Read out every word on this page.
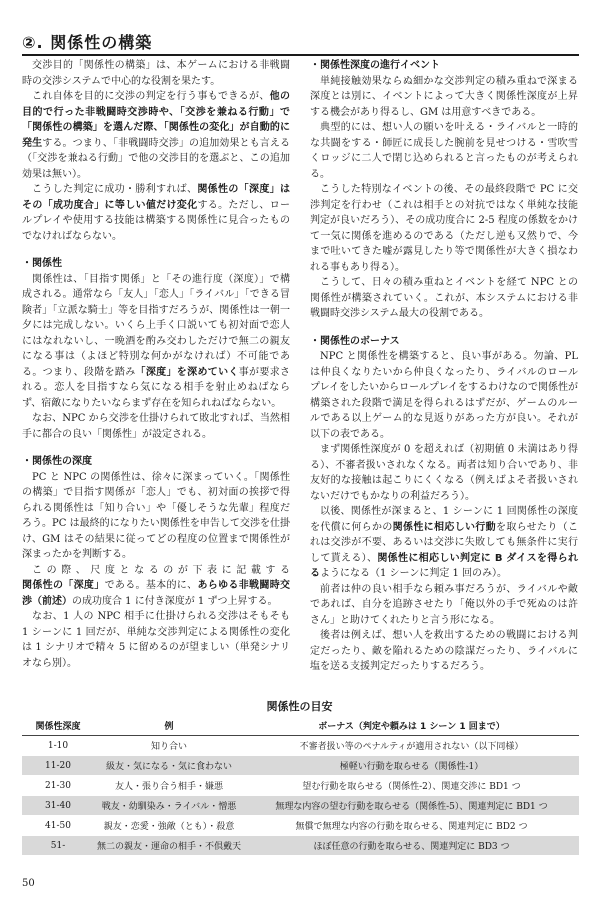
②. 関係性の構築

交渉目的「関係性の構築」は、本ゲームにおける非戦闘時の交渉システムで中心的な役割を果たす。

これ自体を目的に交渉の判定を行う事もできるが、他の目的で行った非戦闘時交渉時や、「交渉を兼ねる行動」で「関係性の構築」を選んだ際、「関係性の変化」が自動的に発生する。つまり、「非戦闘時交渉」の追加効果とも言える（「交渉を兼ねる行動」で他の交渉目的を選ぶと、この追加効果は無い）。

こうした判定に成功・勝利すれば、関係性の「深度」はその「成功度合」に等しい値だけ変化する。ただし、ロールプレイや使用する技能は構築する関係性に見合ったものでなければならない。

・関係性

関係性は、「目指す関係」と「その進行度（深度）」で構成される。通常なら「友人」「恋人」「ライバル」「できる冒険者」「立派な騎士」等を目指すだろうが、関係性は一朝一夕には完成しない。いくら上手く口説いても初対面で恋人にはなれないし、一晩酒を酌み交わしただけで無二の親友になる事は（よほど特別な何かがなければ）不可能である。つまり、段階を踏み「深度」を深めていく事が要求される。恋人を目指すなら気になる相手を射止めねばならず、宿敵になりたいならまず存在を知られねばならない。

なお、NPC から交渉を仕掛けられて敗北すれば、当然相手に都合の良い「関係性」が設定される。

・関係性の深度

PC と NPC の関係性は、徐々に深まっていく。「関係性の構築」で目指す関係が「恋人」でも、初対面の挨拶で得られる関係性は「知り合い」や「優しそうな先輩」程度だろう。PC は最終的になりたい関係性を申告して交渉を仕掛け、GM はその結果に従ってどの程度の位置まで関係性が深まったかを判断する。

この際、尺度となるのが下表に記載する関係性の「深度」である。基本的に、あらゆる非戦闘時交渉（前述）の成功度合 1 に付き深度が 1 ずつ上昇する。

なお、1 人の NPC 相手に仕掛けられる交渉はそもそも 1 シーンに 1 回だが、単純な交渉判定による関係性の変化は 1 シナリオで精々 5 に留めるのが望ましい（単発シナリオなら別）。

・関係性深度の進行イベント

単純接触効果ならぬ細かな交渉判定の積み重ねで深まる深度とは別に、イベントによって大きく関係性深度が上昇する機会があり得るし、GM は用意すべきである。

典型的には、想い人の願いを叶える・ライバルと一時的な共闘をする・師匠に成長した腕前を見せつける・雪吹雪くロッジに二人で閉じ込められると言ったものが考えられる。

こうした特別なイベントの後、その最終段階で PC に交渉判定を行わせ（これは相手との対抗ではなく単純な技能判定が良いだろう）、その成功度合に 2-5 程度の係数をかけて一気に関係を進めるのである（ただし逆も又然りで、今まで吐いてきた嘘が露見したり等で関係性が大きく損なわれる事もあり得る）。

こうして、日々の積み重ねとイベントを経て NPC との関係性が構築されていく。これが、本システムにおける非戦闘時交渉システム最大の役割である。

・関係性のボーナス

NPC と関係性を構築すると、良い事がある。勿論、PL は仲良くなりたいから仲良くなったり、ライバルのロールプレイをしたいからロールプレイをするわけなので関係性が構築された段階で満足を得られるはずだが、ゲームのルールである以上ゲーム的な見返りがあった方が良い。それが以下の表である。

まず関係性深度が 0 を超えれば（初期値 0 未満はあり得る）、不審者扱いされなくなる。両者は知り合いであり、非友好的な接触は起こりにくくなる（例えばよそ者扱いされないだけでもかなりの利益だろう）。

以後、関係性が深まると、1 シーンに 1 回関係性の深度を代償に何らかの関係性に相応しい行動を取らせたり（これは交渉が不要、あるいは交渉に失敗しても無条件に実行して貰える）、関係性に相応しい判定に B ダイスを得られるようになる（1 シーンに判定 1 回のみ）。

前者は仲の良い相手なら頼み事だろうが、ライバルや敵であれば、自分を追跡させたり「俺以外の手で死ぬのは許さん」と助けてくれたりと言う形になる。

後者は例えば、想い人を救出するための戦闘における判定だったり、敵を陥れるための陰謀だったり、ライバルに塩を送る支援判定だったりするだろう。

関係性の目安
関係性深度	例	ボーナス（判定や頼みは 1 シーン 1 回まで）
1-10	知り合い	不審者扱い等のペナルティが適用されない（以下同様）
11-20	級友・気になる・気に食わない	極軽い行動を取らせる（関係性-1）
21-30	友人・張り合う相手・嫌悪	望む行動を取らせる（関係性-2）、関連交渉に BD1 つ
31-40	戦友・幼馴染み・ライバル・憎悪	無理な内容の望む行動を取らせる（関係性-5）、関連判定に BD1 つ
41-50	親友・恋愛・強敵（とも）・殺意	無償で無理な内容の行動を取らせる、関連判定に BD2 つ
51-	無二の親友・運命の相手・不倶戴天	ほぼ任意の行動を取らせる、関連判定に BD3 つ
50
